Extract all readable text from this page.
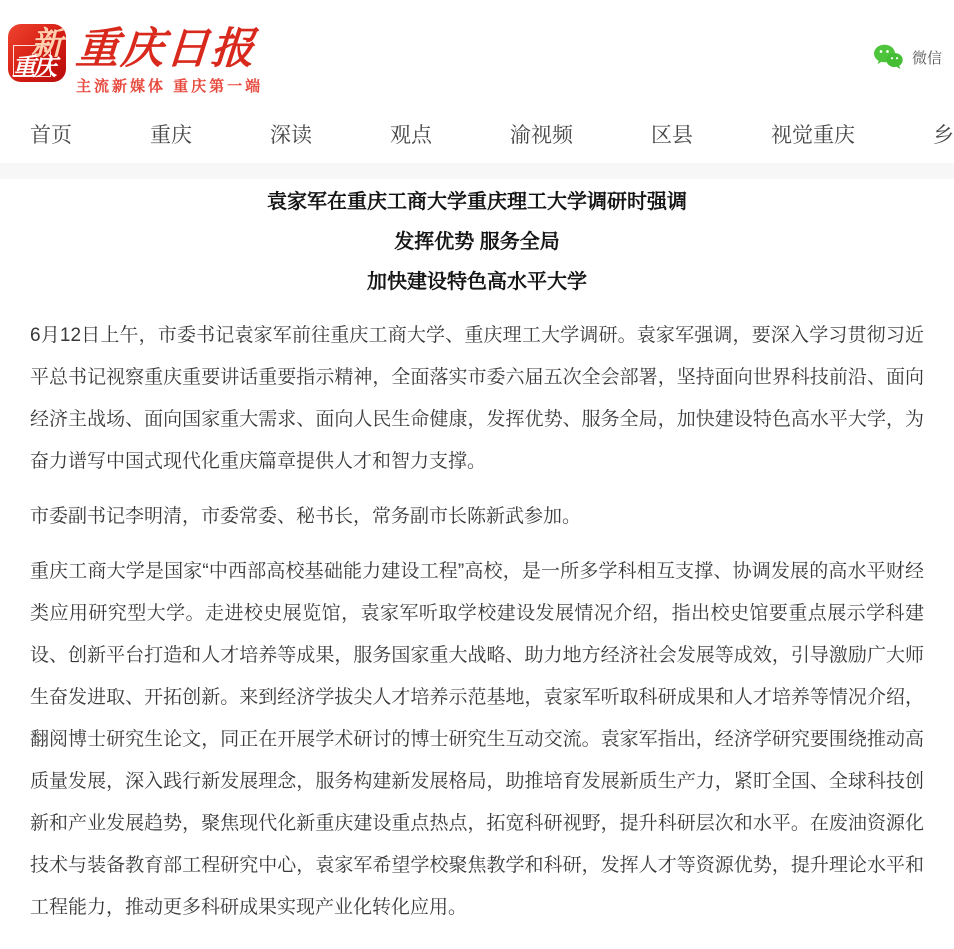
新
重庆 重庆日报
主流新媒体 重庆第一端
微信
首页	重庆	深读	观点	渝视频	区县	视觉重庆	乡
袁家军在重庆工商大学重庆理工大学调研时强调
发挥优势 服务全局
加快建设特色高水平大学

6月12日上午，市委书记袁家军前往重庆工商大学、重庆理工大学调研。袁家军强调，要深入学习贯彻习近平总书记视察重庆重要讲话重要指示精神，全面落实市委六届五次全会部署，坚持面向世界科技前沿、面向经济主战场、面向国家重大需求、面向人民生命健康，发挥优势、服务全局，加快建设特色高水平大学，为奋力谱写中国式现代化重庆篇章提供人才和智力支撑。

市委副书记李明清，市委常委、秘书长，常务副市长陈新武参加。

重庆工商大学是国家“中西部高校基础能力建设工程”高校，是一所多学科相互支撑、协调发展的高水平财经类应用研究型大学。走进校史展览馆，袁家军听取学校建设发展情况介绍，指出校史馆要重点展示学科建设、创新平台打造和人才培养等成果，服务国家重大战略、助力地方经济社会发展等成效，引导激励广大师生奋发进取、开拓创新。来到经济学拔尖人才培养示范基地，袁家军听取科研成果和人才培养等情况介绍，翻阅博士研究生论文，同正在开展学术研讨的博士研究生互动交流。袁家军指出，经济学研究要围绕推动高质量发展，深入践行新发展理念，服务构建新发展格局，助推培育发展新质生产力，紧盯全国、全球科技创新和产业发展趋势，聚焦现代化新重庆建设重点热点，拓宽科研视野，提升科研层次和水平。在废油资源化技术与装备教育部工程研究中心，袁家军希望学校聚焦教学和科研，发挥人才等资源优势，提升理论水平和工程能力，推动更多科研成果实现产业化转化应用。
